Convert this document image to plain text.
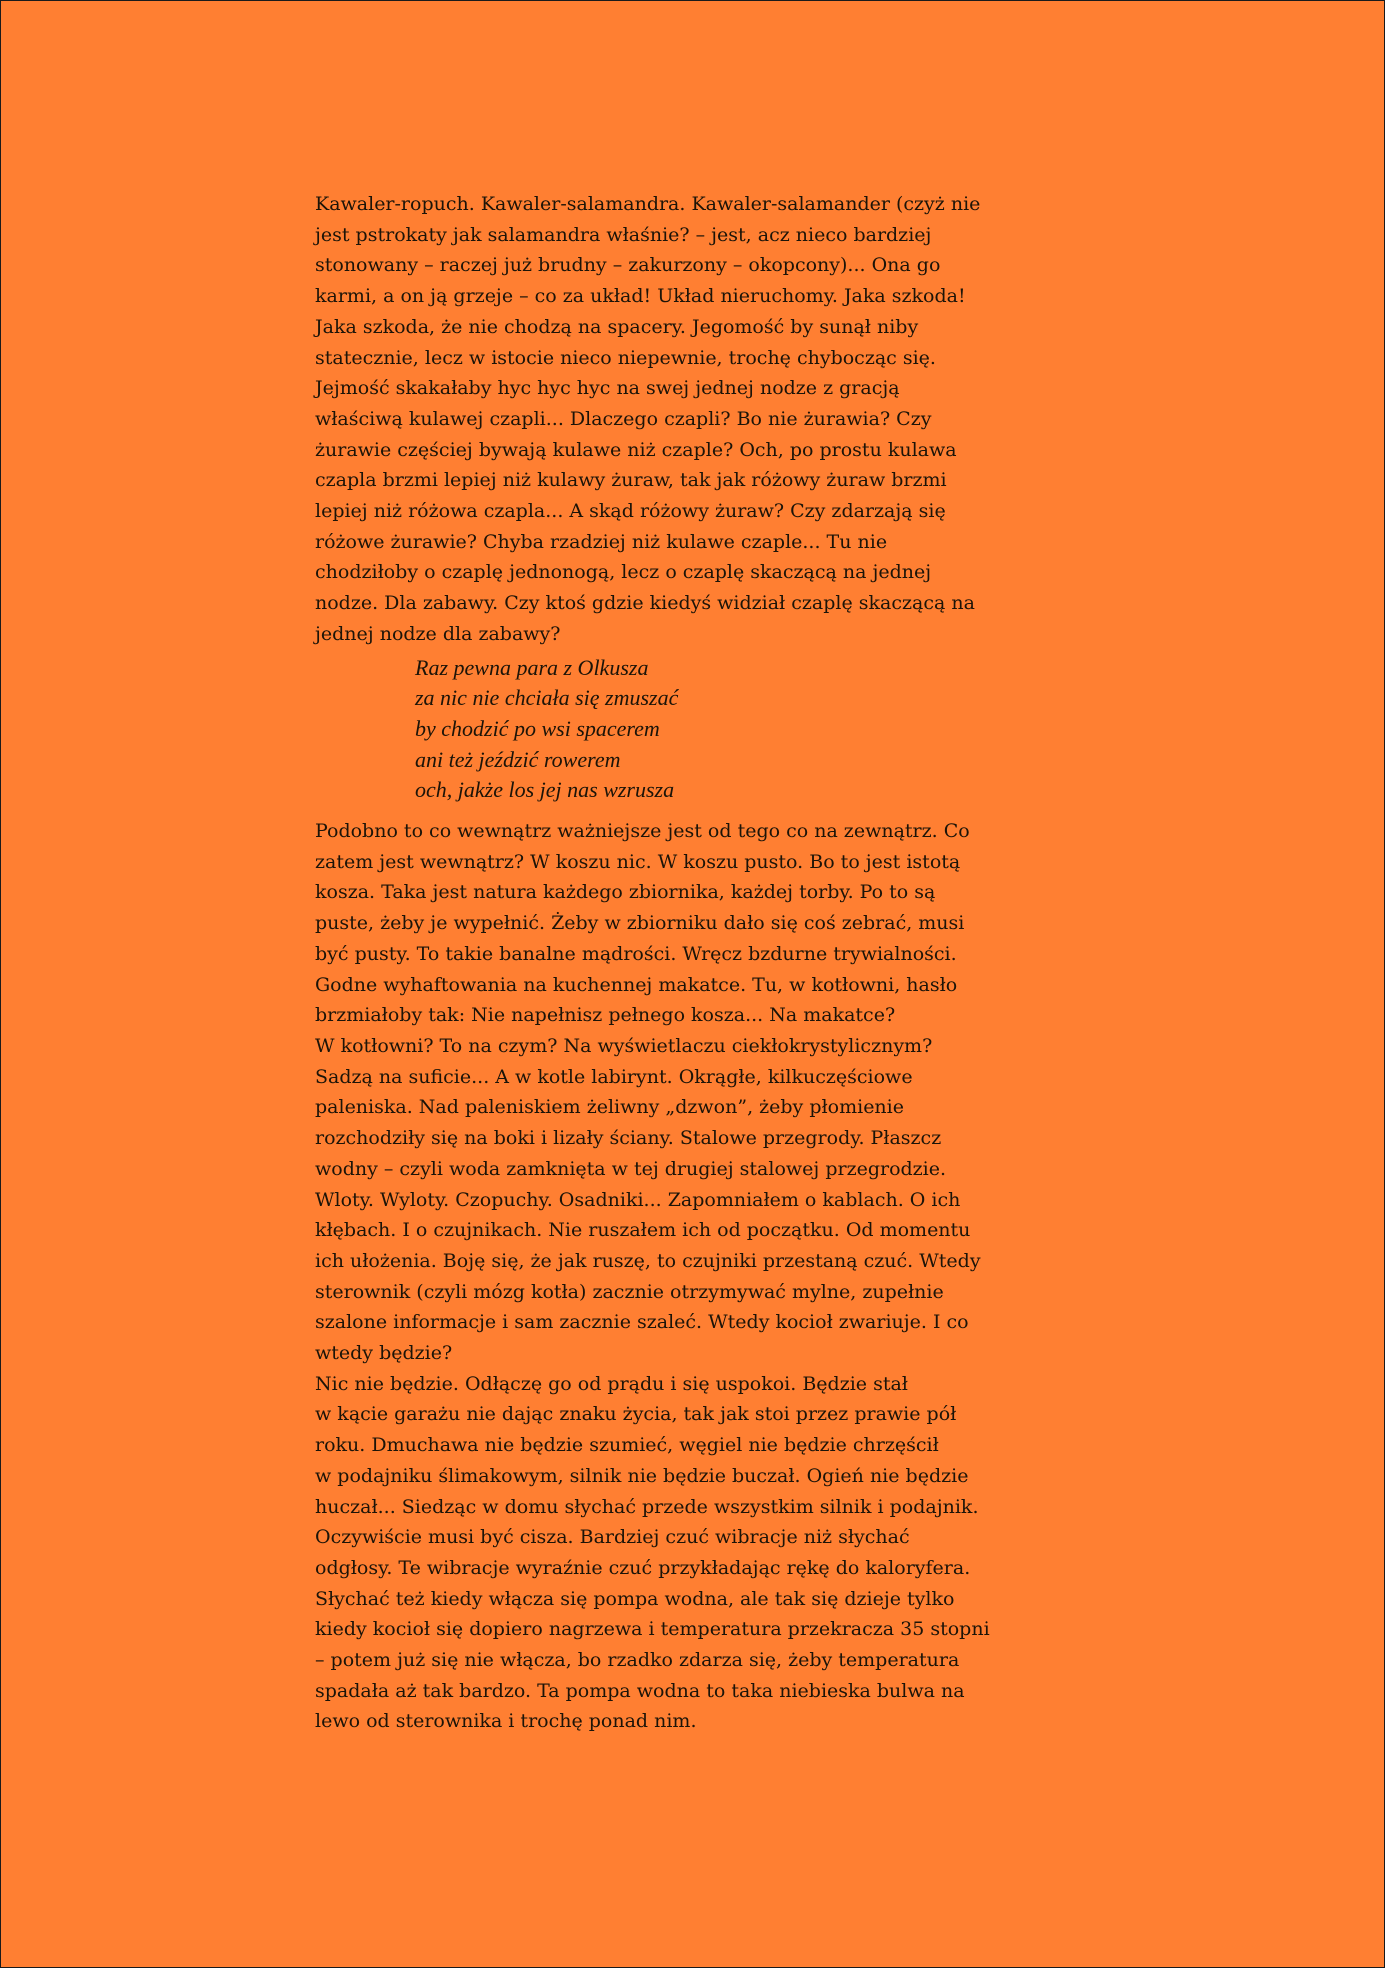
Kawaler-ropuch. Kawaler-salamandra. Kawaler-salamander (czyż nie

jest pstrokaty jak salamandra właśnie? – jest, acz nieco bardziej

stonowany – raczej już brudny – zakurzony – okopcony)... Ona go

karmi, a on ją grzeje – co za układ! Układ nieruchomy. Jaka szkoda!

Jaka szkoda, że nie chodzą na spacery. Jegomość by sunął niby

statecznie, lecz w istocie nieco niepewnie, trochę chybocząc się.

Jejmość skakałaby hyc hyc hyc na swej jednej nodze z gracją

właściwą kulawej czapli... Dlaczego czapli? Bo nie żurawia? Czy

żurawie częściej bywają kulawe niż czaple? Och, po prostu kulawa

czapla brzmi lepiej niż kulawy żuraw, tak jak różowy żuraw brzmi

lepiej niż różowa czapla... A skąd różowy żuraw? Czy zdarzają się

różowe żurawie? Chyba rzadziej niż kulawe czaple... Tu nie

chodziłoby o czaplę jednonogą, lecz o czaplę skaczącą na jednej

nodze. Dla zabawy. Czy ktoś gdzie kiedyś widział czaplę skaczącą na

jednej nodze dla zabawy?

Raz pewna para z Olkusza

za nic nie chciała się zmuszać

by chodzić po wsi spacerem

ani też jeździć rowerem

och, jakże los jej nas wzrusza

Podobno to co wewnątrz ważniejsze jest od tego co na zewnątrz. Co

zatem jest wewnątrz? W koszu nic. W koszu pusto. Bo to jest istotą

kosza. Taka jest natura każdego zbiornika, każdej torby. Po to są

puste, żeby je wypełnić. Żeby w zbiorniku dało się coś zebrać, musi

być pusty. To takie banalne mądrości. Wręcz bzdurne trywialności.

Godne wyhaftowania na kuchennej makatce. Tu, w kotłowni, hasło

brzmiałoby tak: Nie napełnisz pełnego kosza... Na makatce?

W kotłowni? To na czym? Na wyświetlaczu ciekłokrystylicznym?

Sadzą na suficie... A w kotle labirynt. Okrągłe, kilkuczęściowe

paleniska. Nad paleniskiem żeliwny „dzwon”, żeby płomienie

rozchodziły się na boki i lizały ściany. Stalowe przegrody. Płaszcz

wodny – czyli woda zamknięta w tej drugiej stalowej przegrodzie.

Wloty. Wyloty. Czopuchy. Osadniki... Zapomniałem o kablach. O ich

kłębach. I o czujnikach. Nie ruszałem ich od początku. Od momentu

ich ułożenia. Boję się, że jak ruszę, to czujniki przestaną czuć. Wtedy

sterownik (czyli mózg kotła) zacznie otrzymywać mylne, zupełnie

szalone informacje i sam zacznie szaleć. Wtedy kocioł zwariuje. I co

wtedy będzie?

Nic nie będzie. Odłączę go od prądu i się uspokoi. Będzie stał

w kącie garażu nie dając znaku życia, tak jak stoi przez prawie pół

roku. Dmuchawa nie będzie szumieć, węgiel nie będzie chrzęścił

w podajniku ślimakowym, silnik nie będzie buczał. Ogień nie będzie

huczał... Siedząc w domu słychać przede wszystkim silnik i podajnik.

Oczywiście musi być cisza. Bardziej czuć wibracje niż słychać

odgłosy. Te wibracje wyraźnie czuć przykładając rękę do kaloryfera.

Słychać też kiedy włącza się pompa wodna, ale tak się dzieje tylko

kiedy kocioł się dopiero nagrzewa i temperatura przekracza 35 stopni

– potem już się nie włącza, bo rzadko zdarza się, żeby temperatura

spadała aż tak bardzo. Ta pompa wodna to taka niebieska bulwa na

lewo od sterownika i trochę ponad nim.
